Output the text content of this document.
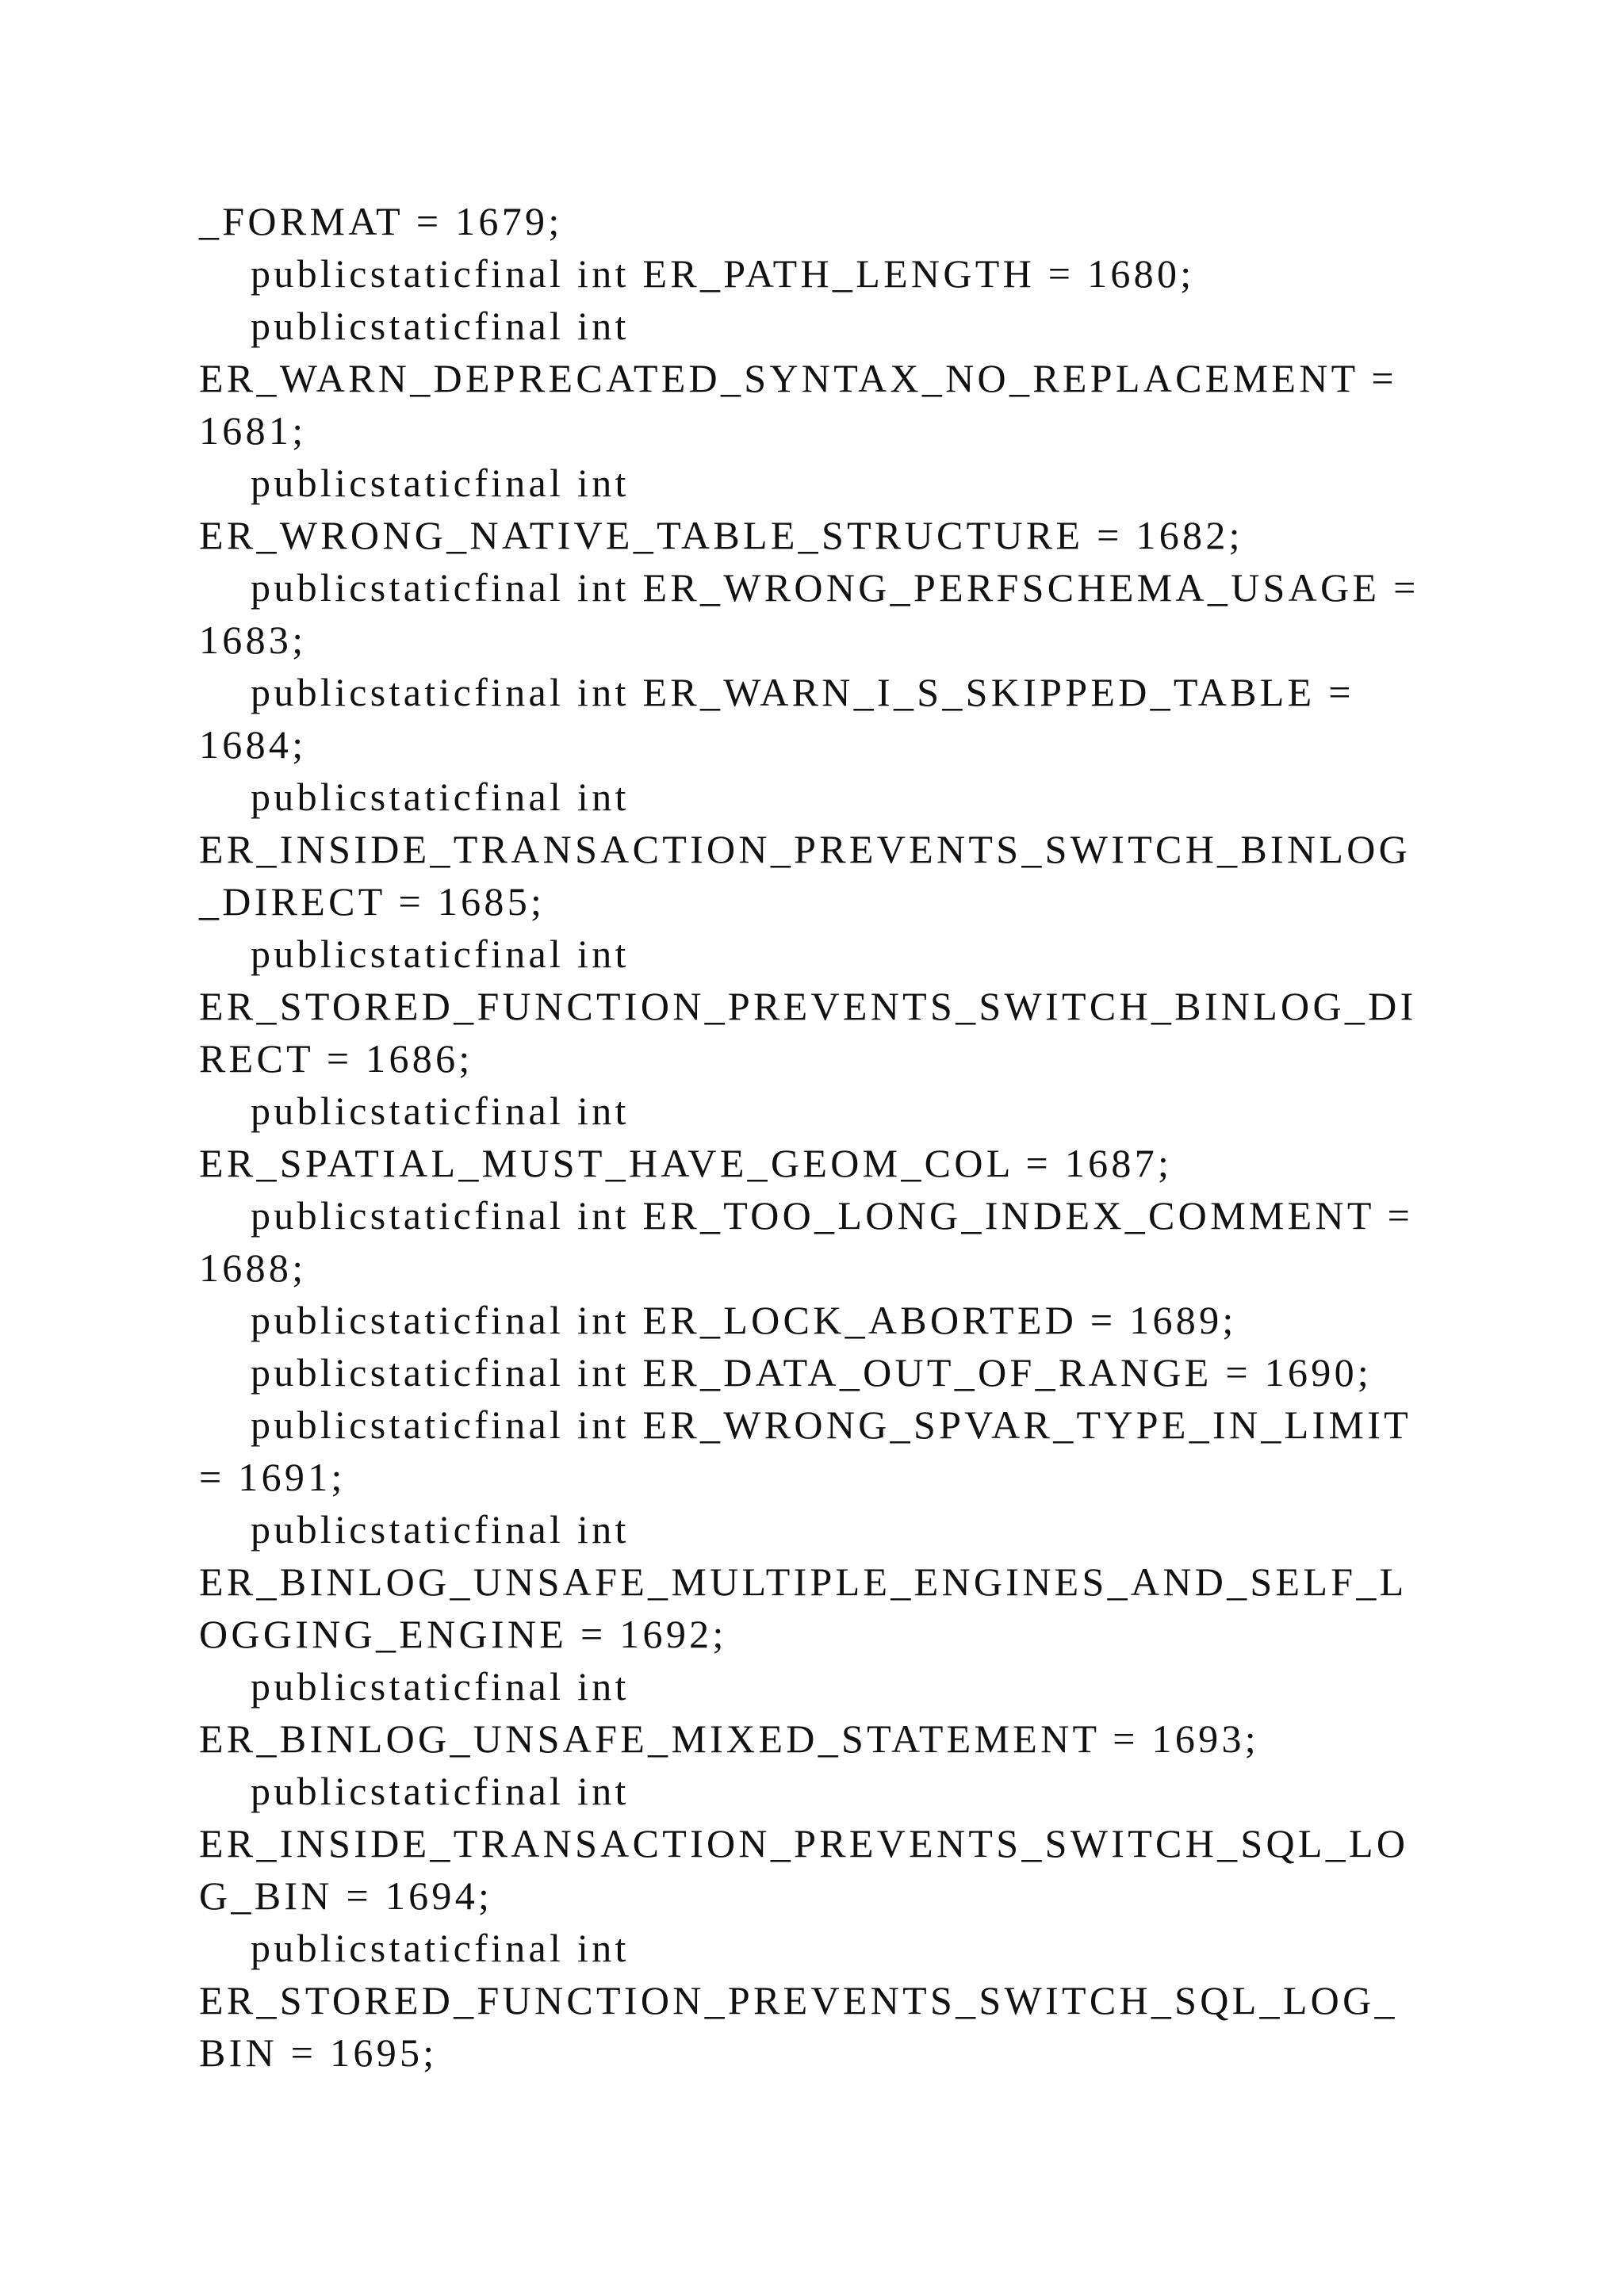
_FORMAT = 1679;
publicstaticfinal int ER_PATH_LENGTH = 1680;
publicstaticfinal int
ER_WARN_DEPRECATED_SYNTAX_NO_REPLACEMENT =
1681;
publicstaticfinal int
ER_WRONG_NATIVE_TABLE_STRUCTURE = 1682;
publicstaticfinal int ER_WRONG_PERFSCHEMA_USAGE =
1683;
publicstaticfinal int ER_WARN_I_S_SKIPPED_TABLE =
1684;
publicstaticfinal int
ER_INSIDE_TRANSACTION_PREVENTS_SWITCH_BINLOG
_DIRECT = 1685;
publicstaticfinal int
ER_STORED_FUNCTION_PREVENTS_SWITCH_BINLOG_DI
RECT = 1686;
publicstaticfinal int
ER_SPATIAL_MUST_HAVE_GEOM_COL = 1687;
publicstaticfinal int ER_TOO_LONG_INDEX_COMMENT =
1688;
publicstaticfinal int ER_LOCK_ABORTED = 1689;
publicstaticfinal int ER_DATA_OUT_OF_RANGE = 1690;
publicstaticfinal int ER_WRONG_SPVAR_TYPE_IN_LIMIT
= 1691;
publicstaticfinal int
ER_BINLOG_UNSAFE_MULTIPLE_ENGINES_AND_SELF_L
OGGING_ENGINE = 1692;
publicstaticfinal int
ER_BINLOG_UNSAFE_MIXED_STATEMENT = 1693;
publicstaticfinal int
ER_INSIDE_TRANSACTION_PREVENTS_SWITCH_SQL_LO
G_BIN = 1694;
publicstaticfinal int
ER_STORED_FUNCTION_PREVENTS_SWITCH_SQL_LOG_
BIN = 1695;
